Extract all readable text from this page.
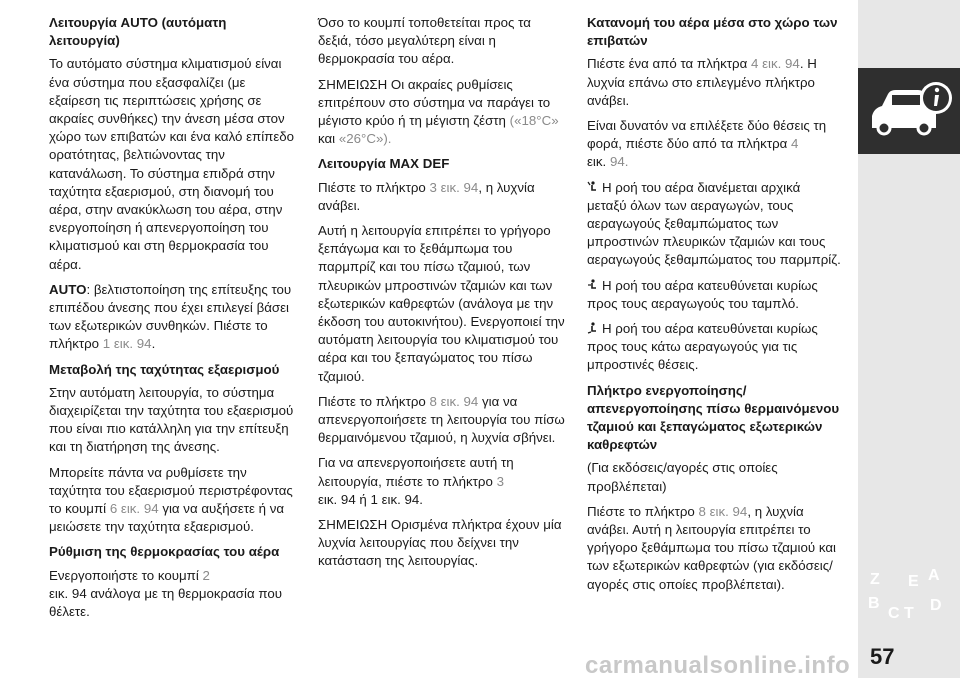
Λειτουργία AUTO (αυτόματη λειτουργία)
Το αυτόματο σύστημα κλιματισμού είναι ένα σύστημα που εξασφαλίζει (με εξαίρεση τις περιπτώσεις χρήσης σε ακραίες συνθήκες) την άνεση μέσα στον χώρο των επιβατών και ένα καλό επίπεδο ορατότητας, βελτιώνοντας την κατανάλωση. Το σύστημα επιδρά στην ταχύτητα εξαερισμού, στη διανομή του αέρα, στην ανακύκλωση του αέρα, στην ενεργοποίηση ή απενεργοποίηση του κλιματισμού και στη θερμοκρασία του αέρα.
AUTO: βελτιστοποίηση της επίτευξης του επιπέδου άνεσης που έχει επιλεγεί βάσει των εξωτερικών συνθηκών. Πιέστε το πλήκτρο 1 εικ. 94.
Μεταβολή της ταχύτητας εξαερισμού
Στην αυτόματη λειτουργία, το σύστημα διαχειρίζεται την ταχύτητα του εξαερισμού που είναι πιο κατάλληλη για την επίτευξη και τη διατήρηση της άνεσης.
Μπορείτε πάντα να ρυθμίσετε την ταχύτητα του εξαερισμού περιστρέφοντας το κουμπί 6 εικ. 94 για να αυξήσετε ή να μειώσετε την ταχύτητα εξαερισμού.
Ρύθμιση της θερμοκρασίας του αέρα
Ενεργοποιήστε το κουμπί 2
εικ. 94 ανάλογα με τη θερμοκρασία που θέλετε.
Όσο το κουμπί τοποθετείται προς τα δεξιά, τόσο μεγαλύτερη είναι η θερμοκρασία του αέρα.
ΣΗΜΕΙΩΣΗ Οι ακραίες ρυθμίσεις επιτρέπουν στο σύστημα να παράγει το μέγιστο κρύο ή τη μέγιστη ζέστη («18°C» και «26°C»).
Λειτουργία MAX DEF
Πιέστε το πλήκτρο 3 εικ. 94, η λυχνία ανάβει.
Αυτή η λειτουργία επιτρέπει το γρήγορο ξεπάγωμα και το ξεθάμπωμα του παρμπρίζ και του πίσω τζαμιού, των πλευρικών μπροστινών τζαμιών και των εξωτερικών καθρεφτών (ανάλογα με την έκδοση του αυτοκινήτου). Ενεργοποιεί την αυτόματη λειτουργία του κλιματισμού του αέρα και του ξεπαγώματος του πίσω τζαμιού.
Πιέστε το πλήκτρο 8 εικ. 94 για να απενεργοποιήσετε τη λειτουργία του πίσω θερμαινόμενου τζαμιού, η λυχνία σβήνει.
Για να απενεργοποιήσετε αυτή τη λειτουργία, πιέστε το πλήκτρο 3
εικ. 94 ή 1 εικ. 94.
ΣΗΜΕΙΩΣΗ Ορισμένα πλήκτρα έχουν μία λυχνία λειτουργίας που δείχνει την κατάσταση της λειτουργίας.
Κατανομή του αέρα μέσα στο χώρο των επιβατών
Πιέστε ένα από τα πλήκτρα 4 εικ. 94. Η λυχνία επάνω στο επιλεγμένο πλήκτρο ανάβει.
Είναι δυνατόν να επιλέξετε δύο θέσεις τη φορά, πιέστε δύο από τα πλήκτρα 4
εικ. 94.
Η ροή του αέρα διανέμεται αρχικά μεταξύ όλων των αεραγωγών, τους αεραγωγούς ξεθαμπώματος των μπροστινών πλευρικών τζαμιών και τους αεραγωγούς ξεθαμπώματος του παρμπρίζ.
Η ροή του αέρα κατευθύνεται κυρίως προς τους αεραγωγούς του ταμπλό.
Η ροή του αέρα κατευθύνεται κυρίως προς τους κάτω αεραγωγούς για τις μπροστινές θέσεις.
Πλήκτρο ενεργοποίησης/ απενεργοποίησης πίσω θερμαινόμενου τζαμιού και ξεπαγώματος εξωτερικών καθρεφτών
(Για εκδόσεις/αγορές στις οποίες προβλέπεται)
Πιέστε το πλήκτρο 8 εικ. 94, η λυχνία ανάβει. Αυτή η λειτουργία επιτρέπει το γρήγορο ξεθάμπωμα του πίσω τζαμιού και των εξωτερικών καθρεφτών (για εκδόσεις/αγορές στις οποίες προβλέπεται).	Z E
B
C T D
A
57
carmanualsonline.info
